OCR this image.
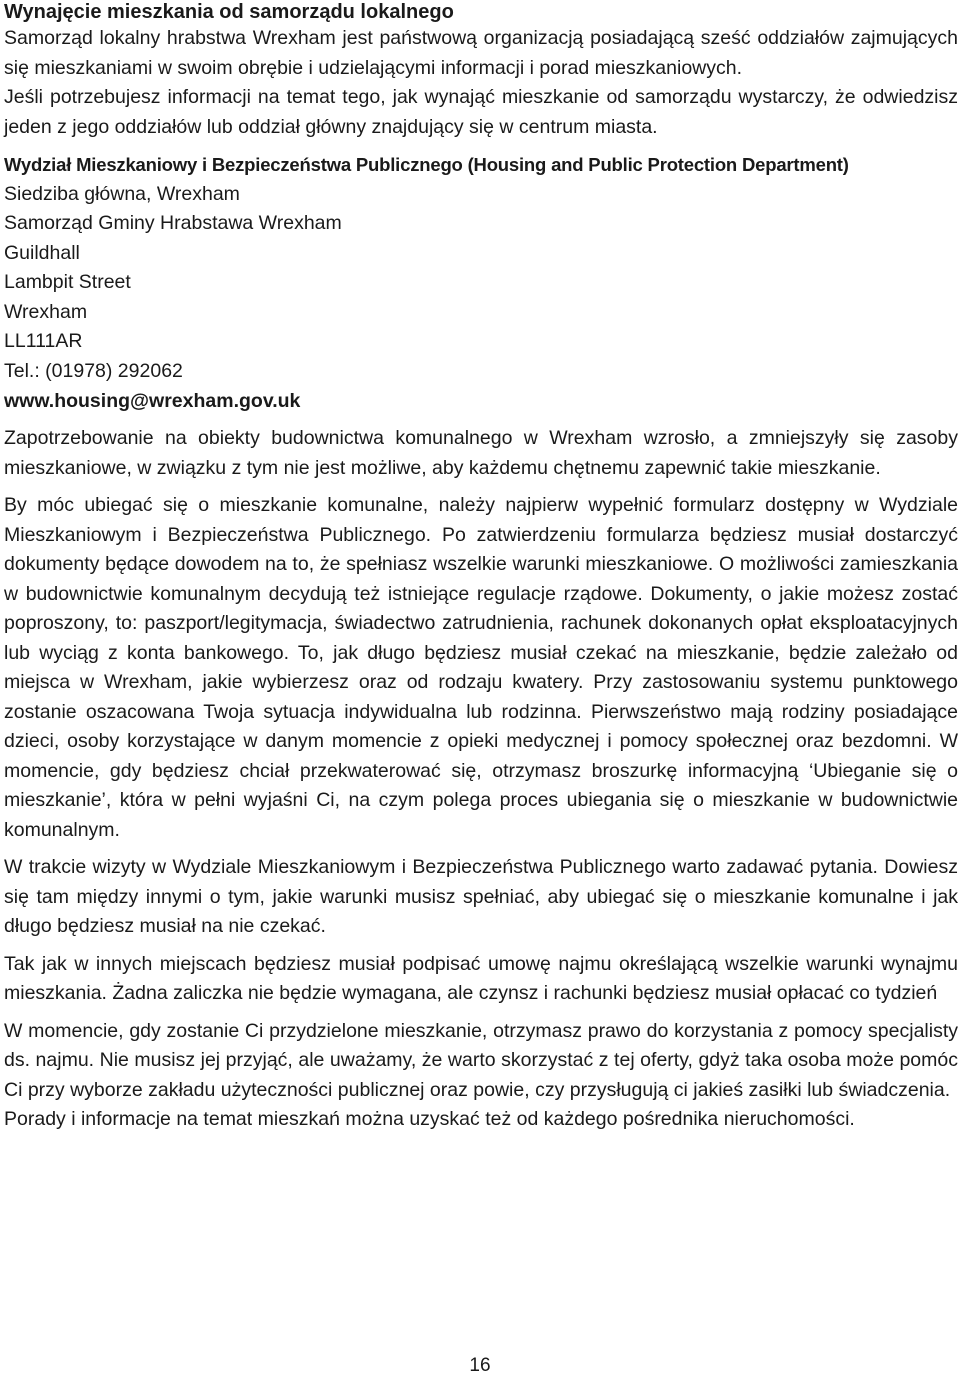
Wynajęcie mieszkania od samorządu lokalnego

Samorząd lokalny hrabstwa Wrexham jest państwową organizacją posiadającą sześć oddziałów zajmujących się mieszkaniami w swoim obrębie i udzielającymi informacji i porad mieszkaniowych.

Jeśli potrzebujesz informacji na temat tego, jak wynająć mieszkanie od samorządu wystarczy, że odwiedzisz jeden z jego oddziałów lub oddział główny znajdujący się w centrum miasta.

Wydział Mieszkaniowy i Bezpieczeństwa Publicznego (Housing and Public Protection Department)
Siedziba główna, Wrexham
Samorząd Gminy Hrabstawa Wrexham
Guildhall
Lambpit Street
Wrexham
LL111AR
Tel.: (01978) 292062
www.housing@wrexham.gov.uk

Zapotrzebowanie na obiekty budownictwa komunalnego w Wrexham wzrosło, a zmniejszyły się zasoby mieszkaniowe, w związku z tym nie jest możliwe, aby każdemu chętnemu zapewnić takie mieszkanie.

By móc ubiegać się o mieszkanie komunalne, należy najpierw wypełnić formularz dostępny w Wydziale Mieszkaniowym i Bezpieczeństwa Publicznego. Po zatwierdzeniu formularza będziesz musiał dostarczyć dokumenty będące dowodem na to, że spełniasz wszelkie warunki mieszkaniowe. O możliwości zamieszkania w budownictwie komunalnym decydują też istniejące regulacje rządowe. Dokumenty, o jakie możesz zostać poproszony, to: paszport/legitymacja, świadectwo zatrudnienia, rachunek dokonanych opłat eksploatacyjnych lub wyciąg z konta bankowego. To, jak długo będziesz musiał czekać na mieszkanie, będzie zależało od miejsca w Wrexham, jakie wybierzesz oraz od rodzaju kwatery. Przy zastosowaniu systemu punktowego zostanie oszacowana Twoja sytuacja indywidualna lub rodzinna. Pierwszeństwo mają rodziny posiadające dzieci, osoby korzystające w danym momencie z opieki medycznej i pomocy społecznej oraz bezdomni. W momencie, gdy będziesz chciał przekwaterować się, otrzymasz broszurkę informacyjną ‘Ubieganie się o mieszkanie’, która w pełni wyjaśni Ci, na czym polega proces ubiegania się o mieszkanie w budownictwie komunalnym.

W trakcie wizyty w Wydziale Mieszkaniowym i Bezpieczeństwa Publicznego warto zadawać pytania. Dowiesz się tam między innymi o tym, jakie warunki musisz spełniać, aby ubiegać się o mieszkanie komunalne i jak długo będziesz musiał na nie czekać.

Tak jak w innych miejscach będziesz musiał podpisać umowę najmu określającą wszelkie warunki wynajmu mieszkania. Żadna zaliczka nie będzie wymagana, ale czynsz i rachunki będziesz musiał opłacać co tydzień

W momencie, gdy zostanie Ci przydzielone mieszkanie, otrzymasz prawo do korzystania z pomocy specjalisty ds. najmu. Nie musisz jej przyjąć, ale uważamy, że warto skorzystać z tej oferty, gdyż taka osoba może pomóc Ci przy wyborze zakładu użyteczności publicznej oraz powie, czy przysługują ci jakieś zasiłki lub świadczenia.

Porady i informacje na temat mieszkań można uzyskać też od każdego pośrednika nieruchomości.

16
